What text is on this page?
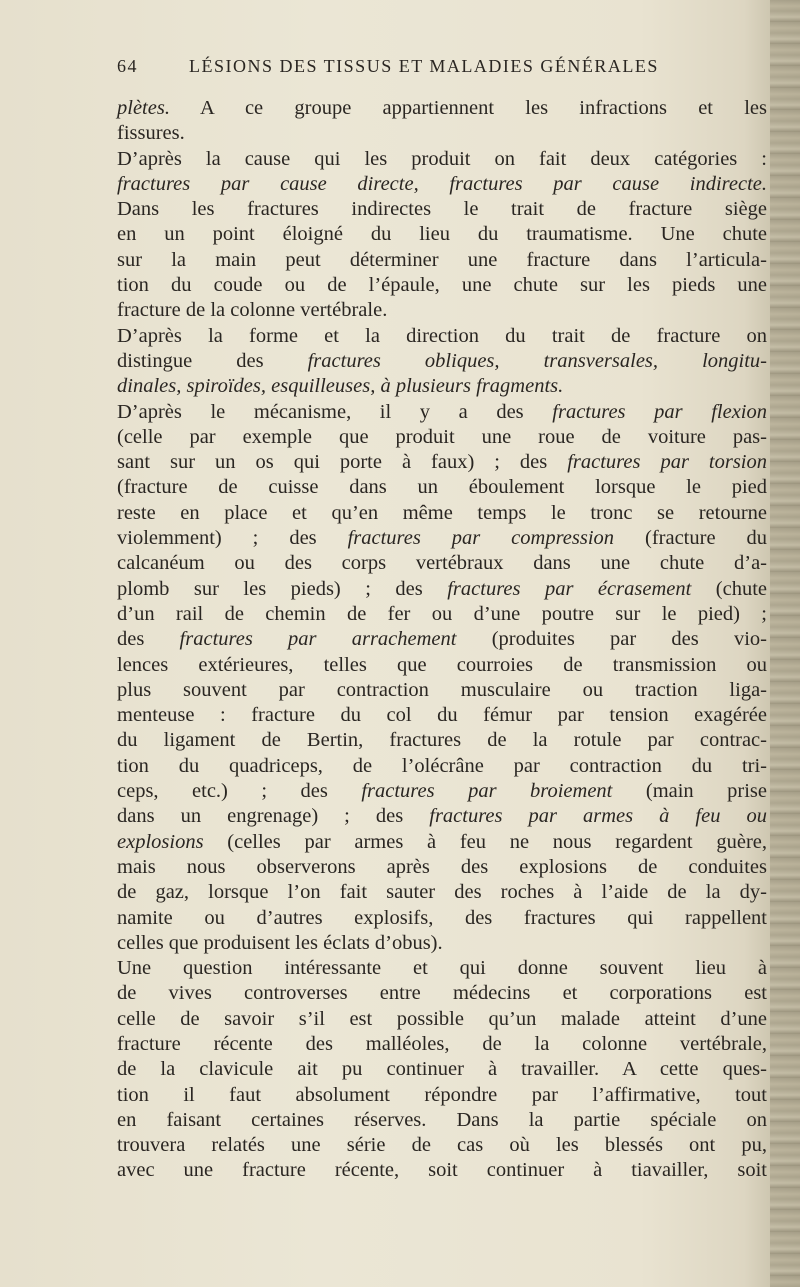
64	LÉSIONS DES TISSUS ET MALADIES GÉNÉRALES
plètes. A ce groupe appartiennent les infractions et les
fissures.
D’après la cause qui les produit on fait deux catégories :
fractures par cause directe, fractures par cause indirecte.
Dans les fractures indirectes le trait de fracture siège
en un point éloigné du lieu du traumatisme. Une chute
sur la main peut déterminer une fracture dans l’articula-
tion du coude ou de l’épaule, une chute sur les pieds une
fracture de la colonne vertébrale.
D’après la forme et la direction du trait de fracture on
distingue des fractures obliques, transversales, longitu-
dinales, spiroïdes, esquilleuses, à plusieurs fragments.
D’après le mécanisme, il y a des fractures par flexion
(celle par exemple que produit une roue de voiture pas-
sant sur un os qui porte à faux) ; des fractures par torsion
(fracture de cuisse dans un éboulement lorsque le pied
reste en place et qu’en même temps le tronc se retourne
violemment) ; des fractures par compression (fracture du
calcanéum ou des corps vertébraux dans une chute d’a-
plomb sur les pieds) ; des fractures par écrasement (chute
d’un rail de chemin de fer ou d’une poutre sur le pied) ;
des fractures par arrachement (produites par des vio-
lences extérieures, telles que courroies de transmission ou
plus souvent par contraction musculaire ou traction liga-
menteuse : fracture du col du fémur par tension exagérée
du ligament de Bertin, fractures de la rotule par contrac-
tion du quadriceps, de l’olécrâne par contraction du tri-
ceps, etc.) ; des fractures par broiement (main prise
dans un engrenage) ; des fractures par armes à feu ou
explosions (celles par armes à feu ne nous regardent guère,
mais nous observerons après des explosions de conduites
de gaz, lorsque l’on fait sauter des roches à l’aide de la dy-
namite ou d’autres explosifs, des fractures qui rappellent
celles que produisent les éclats d’obus).
Une question intéressante et qui donne souvent lieu à
de vives controverses entre médecins et corporations est
celle de savoir s’il est possible qu’un malade atteint d’une
fracture récente des malléoles, de la colonne vertébrale,
de la clavicule ait pu continuer à travailler. A cette ques-
tion il faut absolument répondre par l’affirmative, tout
en faisant certaines réserves. Dans la partie spéciale on
trouvera relatés une série de cas où les blessés ont pu,
avec une fracture récente, soit continuer à tiavailler, soit
